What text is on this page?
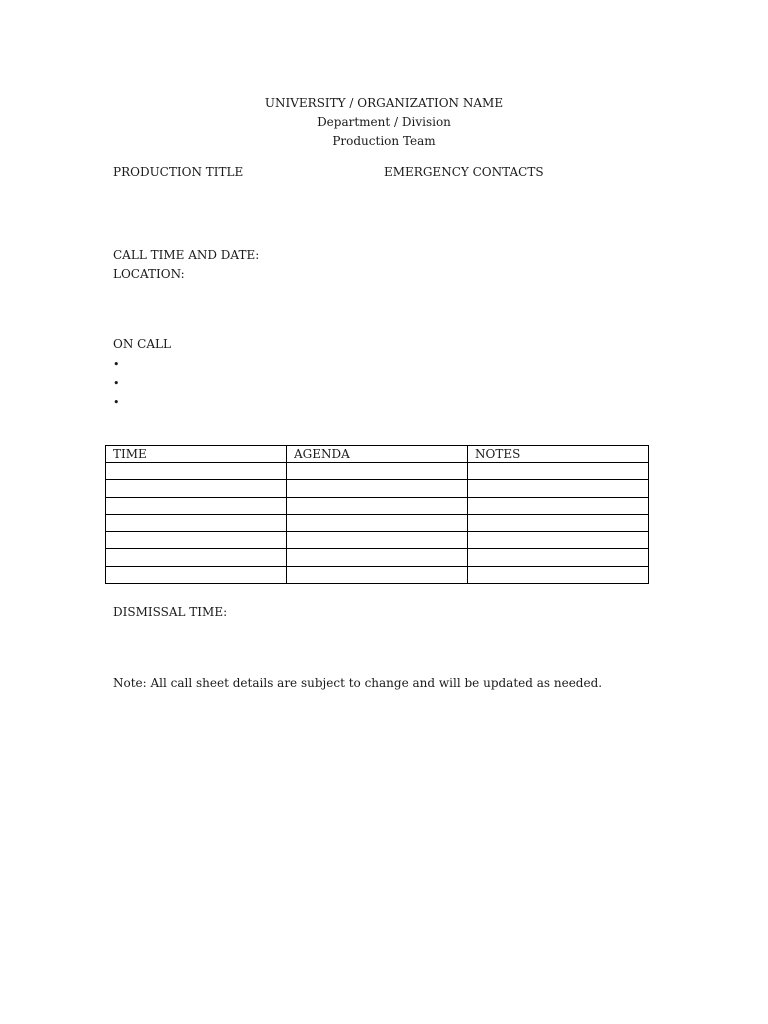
UNIVERSITY / ORGANIZATION NAME
Department / Division
Production Team
PRODUCTION TITLE	EMERGENCY CONTACTS
CALL TIME AND DATE:
LOCATION:
ON CALL
•
•
•
TIME	AGENDA	NOTES

DISMISSAL TIME:
Note: All call sheet details are subject to change and will be updated as needed.
